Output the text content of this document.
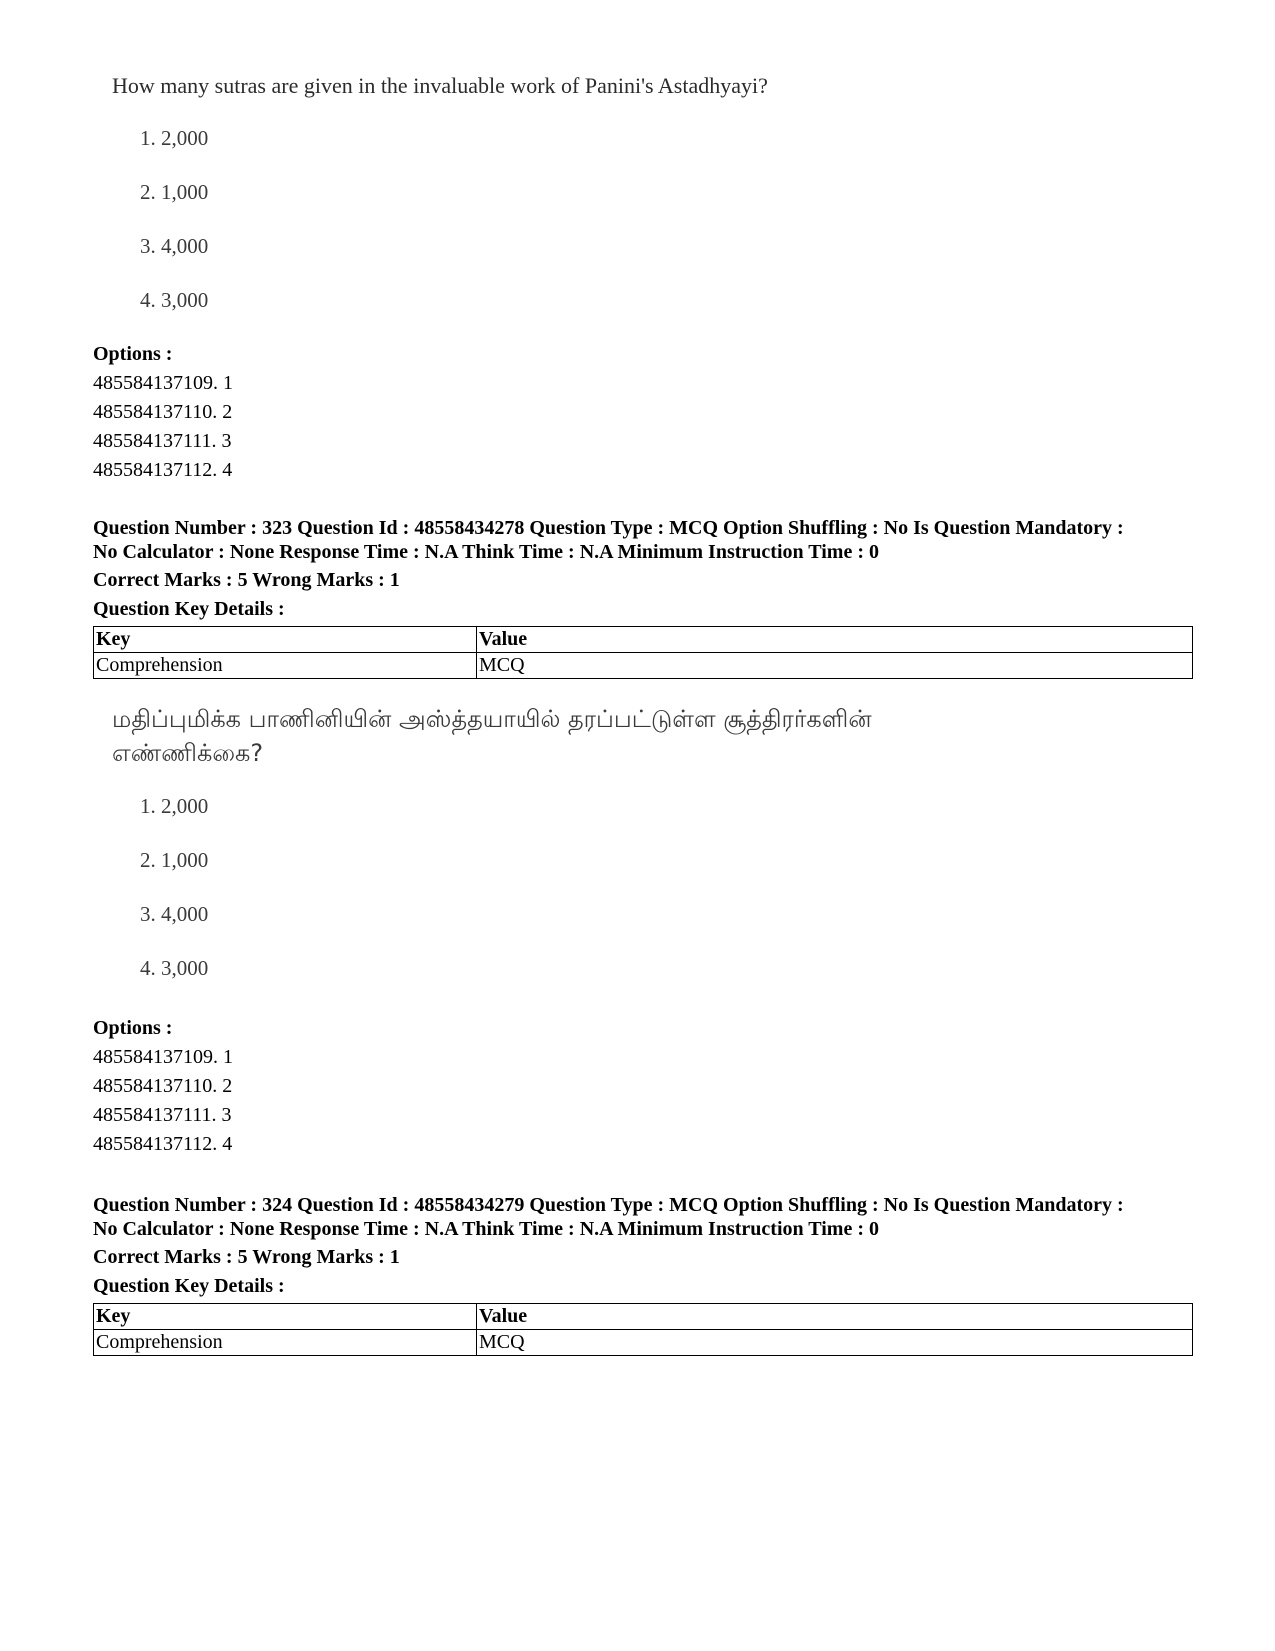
How many sutras are given in the invaluable work of Panini's Astadhyayi?

1. 2,000
2. 1,000
3. 4,000
4. 3,000
Options :
485584137109. 1
485584137110. 2
485584137111. 3
485584137112. 4
Question Number : 323 Question Id : 48558434278 Question Type : MCQ Option Shuffling : No Is Question Mandatory :
No Calculator : None Response Time : N.A Think Time : N.A Minimum Instruction Time : 0
Correct Marks : 5 Wrong Marks : 1
Question Key Details :
Key	Value
Comprehension	MCQ

மதிப்புமிக்க பாணினியின் அஸ்த்தயாயில் தரப்பட்டுள்ள சூத்திரர்களின்

எண்ணிக்கை?

1. 2,000
2. 1,000
3. 4,000
4. 3,000
Options :
485584137109. 1
485584137110. 2
485584137111. 3
485584137112. 4
Question Number : 324 Question Id : 48558434279 Question Type : MCQ Option Shuffling : No Is Question Mandatory :
No Calculator : None Response Time : N.A Think Time : N.A Minimum Instruction Time : 0
Correct Marks : 5 Wrong Marks : 1
Question Key Details :
Key	Value
Comprehension	MCQ
